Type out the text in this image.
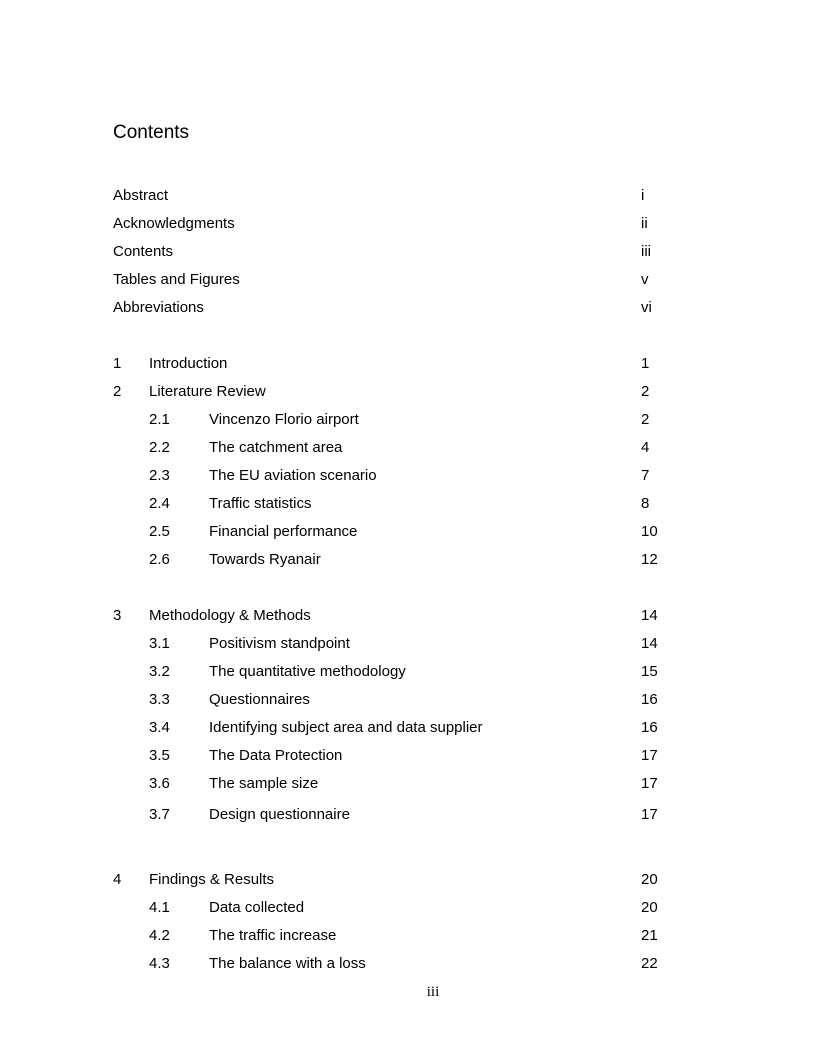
Contents
Abstract	i
Acknowledgments	ii
Contents	iii
Tables and Figures	v
Abbreviations	vi
1 Introduction	1
2 Literature Review	2
2.1	Vincenzo Florio airport	2
2.2	The catchment area	4
2.3	The EU aviation scenario	7
2.4	Traffic statistics	8
2.5	Financial performance	10
2.6	Towards Ryanair	12
3 Methodology & Methods	14
3.1	Positivism standpoint	14
3.2	The quantitative methodology	15
3.3	Questionnaires	16
3.4	Identifying subject area and data supplier	16
3.5	The Data Protection	17
3.6	The sample size	17
3.7	Design questionnaire	17
4 Findings & Results	20
4.1	Data collected	20
4.2	The traffic increase	21
4.3	The balance with a loss	22
iii
